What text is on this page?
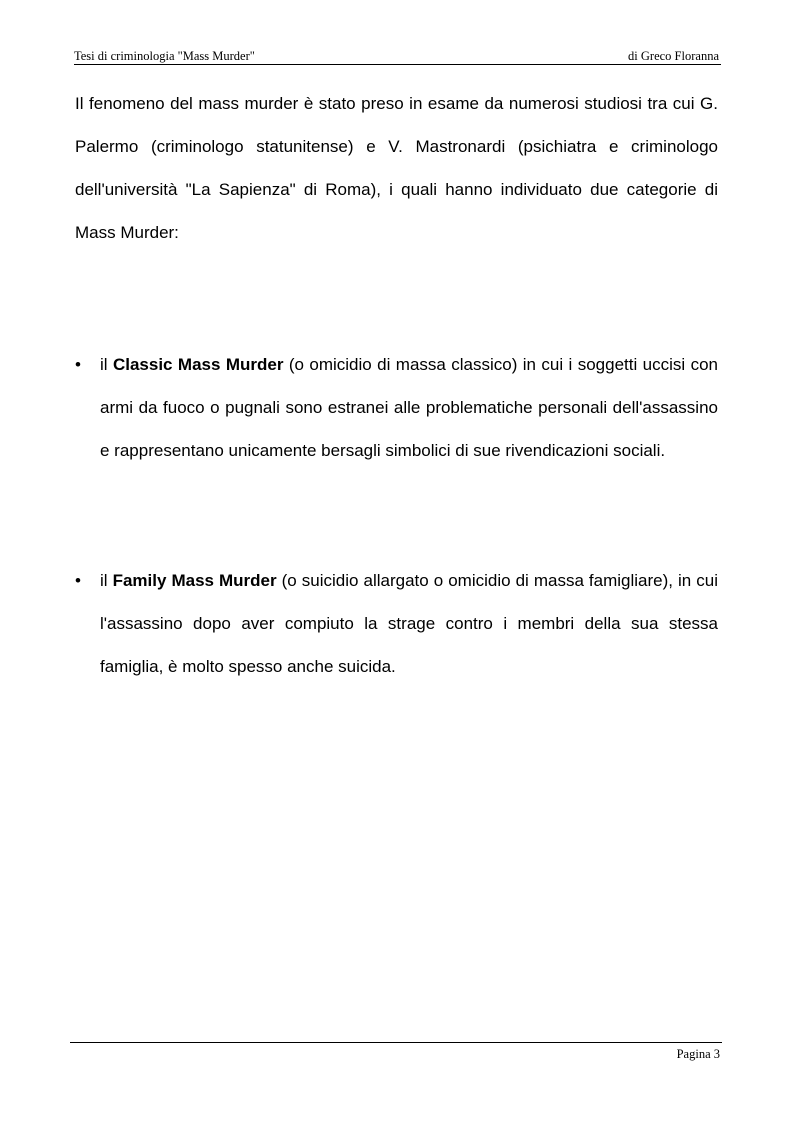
Tesi di criminologia "Mass Murder"	di Greco Floranna

Il fenomeno del mass murder è stato preso in esame da numerosi studiosi tra cui G. Palermo (criminologo statunitense) e V. Mastronardi (psichiatra e criminologo dell'università "La Sapienza" di Roma), i quali hanno individuato due categorie di Mass Murder:

•	il Classic Mass Murder (o omicidio di massa classico) in cui i soggetti uccisi con armi da fuoco o pugnali sono estranei alle problematiche personali dell'assassino e rappresentano unicamente bersagli simbolici di sue rivendicazioni sociali.
•	il Family Mass Murder (o suicidio allargato o omicidio di massa famigliare), in cui l'assassino dopo aver compiuto la strage contro i membri della sua stessa famiglia, è molto spesso anche suicida.
Pagina 3
